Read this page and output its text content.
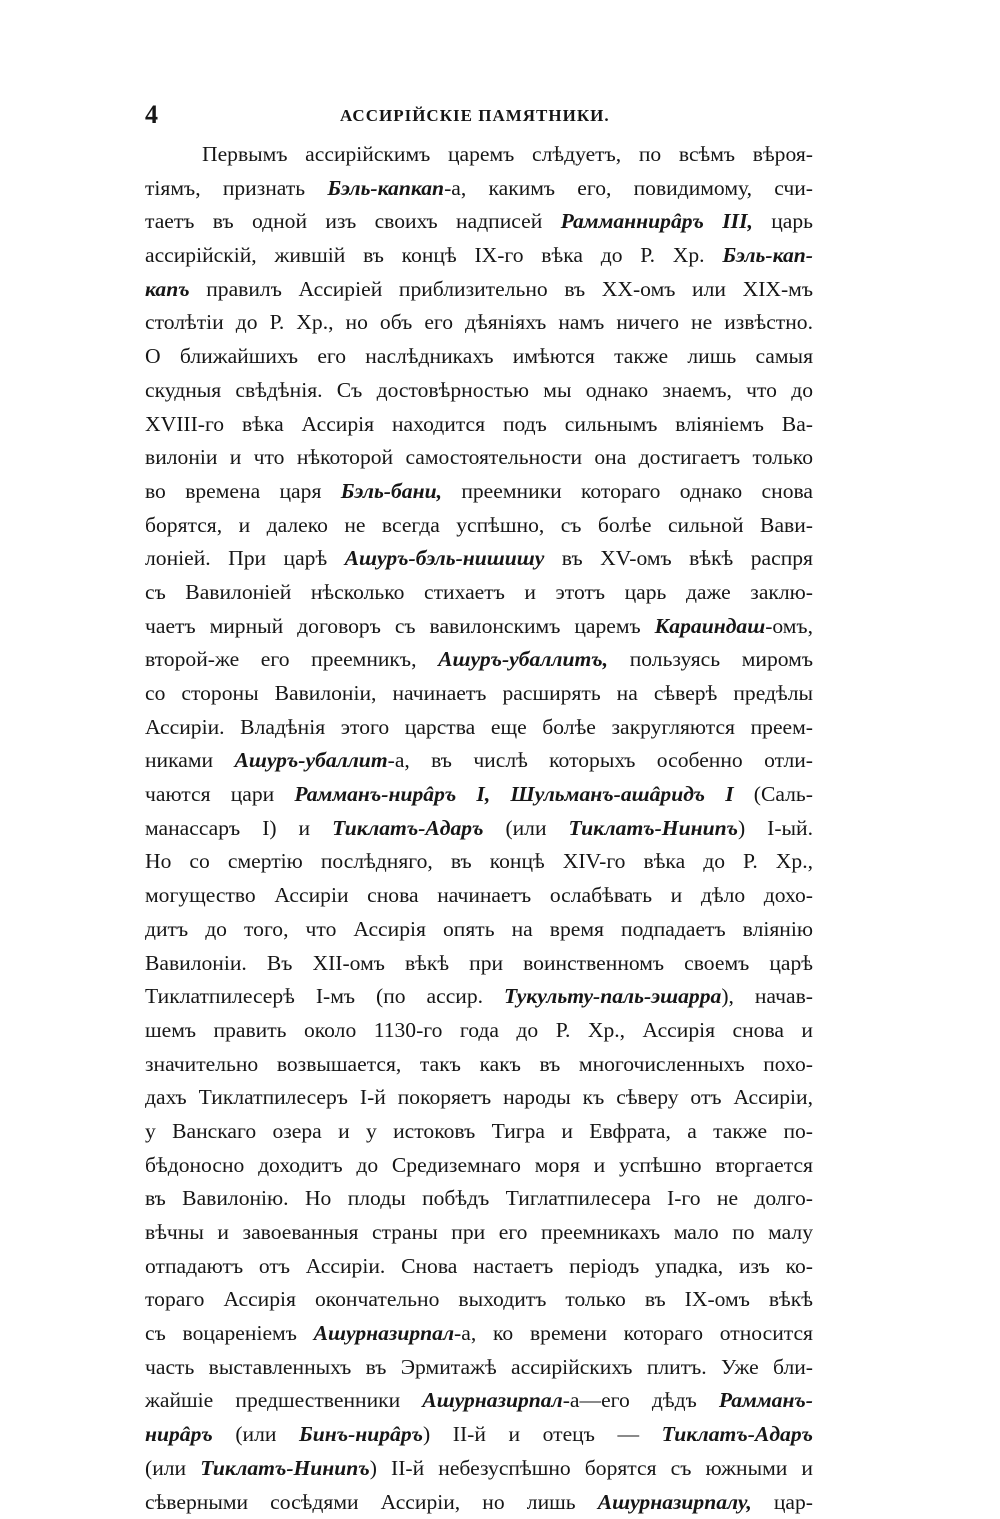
4	АССИРІЙСКІЕ ПАМЯТНИКИ.
Первымъ ассирійскимъ царемъ слѣдуетъ, по всѣмъ вѣроя-
тіямъ, признать Бэль-капкап-а, какимъ его, повидимому, счи-
таетъ въ одной изъ своихъ надписей Рамманнирâръ III, царь
ассирійскій, жившій въ концѣ IX-го вѣка до Р. Хр. Бэль-кап-
капъ правилъ Ассиріей приблизительно въ XX-омъ или XIX-мъ
столѣтіи до Р. Хр., но объ его дѣяніяхъ намъ ничего не извѣстно.
О ближайшихъ его наслѣдникахъ имѣются также лишь самыя
скудныя свѣдѣнія. Съ достовѣрностью мы однако знаемъ, что до
XVIII-го вѣка Ассирія находится подъ сильнымъ вліяніемъ Ва-
вилоніи и что нѣкоторой самостоятельности она достигаетъ только
во времена царя Бэль-бани, преемники котораго однако снова
борятся, и далеко не всегда успѣшно, съ болѣе сильной Вави-
лоніей. При царѣ Ашуръ-бэль-нишишу въ XV-омъ вѣкѣ распря
съ Вавилоніей нѣсколько стихаетъ и этотъ царь даже заклю-
чаетъ мирный договоръ съ вавилонскимъ царемъ Караиндаш-омъ,
второй-же его преемникъ, Ашуръ-убаллитъ, пользуясь миромъ
со стороны Вавилоніи, начинаетъ расширять на сѣверѣ предѣлы
Ассиріи. Владѣнія этого царства еще болѣе закругляются преем-
никами Ашуръ-убаллит-а, въ числѣ которыхъ особенно отли-
чаются цари Рамманъ-нирâръ I, Шульманъ-ашâридъ I (Саль-
манассаръ I) и Тиклатъ-Адаръ (или Тиклатъ-Нинипъ) I-ый.
Но со смертію послѣдняго, въ концѣ XIV-го вѣка до Р. Хр.,
могущество Ассиріи снова начинаетъ ослабѣвать и дѣло дохо-
дитъ до того, что Ассирія опять на время подпадаетъ вліянію
Вавилоніи. Въ XII-омъ вѣкѣ при воинственномъ своемъ царѣ
Тиклатпилесерѣ I-мъ (по ассир. Тукульту-паль-эшарра), начав-
шемъ править около 1130-го года до Р. Хр., Ассирія снова и
значительно возвышается, такъ какъ въ многочисленныхъ похо-
дахъ Тиклатпилесеръ I-й покоряетъ народы къ сѣверу отъ Ассиріи,
у Ванскаго озера и у истоковъ Тигра и Евфрата, а также по-
бѣдоносно доходитъ до Средиземнаго моря и успѣшно вторгается
въ Вавилонію. Но плоды побѣдъ Тиглатпилесера I-го не долго-
вѣчны и завоеванныя страны при его преемникахъ мало по малу
отпадаютъ отъ Ассиріи. Снова настаетъ періодъ упадка, изъ ко-
тораго Ассирія окончательно выходитъ только въ IX-омъ вѣкѣ
съ воцареніемъ Ашурназирпал-а, ко времени котораго относится
часть выставленныхъ въ Эрмитажѣ ассирійскихъ плитъ. Уже бли-
жайшіе предшественники Ашурназирпал-а—его дѣдъ Рамманъ-
нирâръ (или Бинъ-нирâръ) II-й и отецъ — Тиклатъ-Адаръ
(или Тиклатъ-Нинипъ) II-й небезуспѣшно борятся съ южными и
сѣверными сосѣдями Ассиріи, но лишь Ашурназирпалу, цар-
